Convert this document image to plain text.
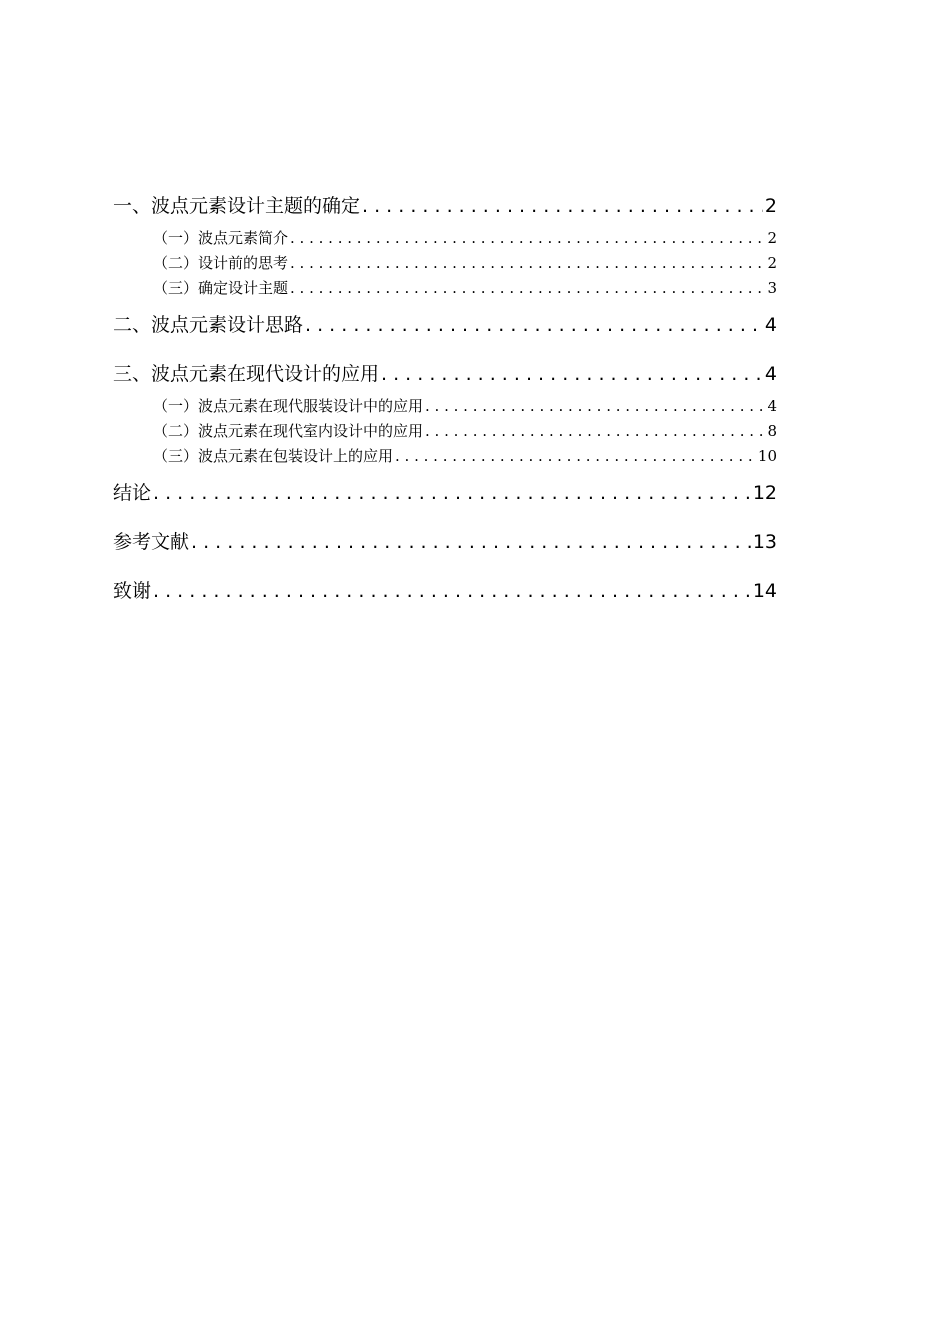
一、波点元素设计主题的确定 . . .	2
（一）波点元素简介 . . .	2
（二）设计前的思考 . . .	2
（三）确定设计主题 . . .	3
二、波点元素设计思路 . . .	4
三、波点元素在现代设计的应用 . . .	4
（一）波点元素在现代服装设计中的应用 . . .	4
（二）波点元素在现代室内设计中的应用 . . .	8
（三）波点元素在包装设计上的应用 . . .	10
结论 . . .	12
参考文献 . . .	13
致谢 . . .	14
